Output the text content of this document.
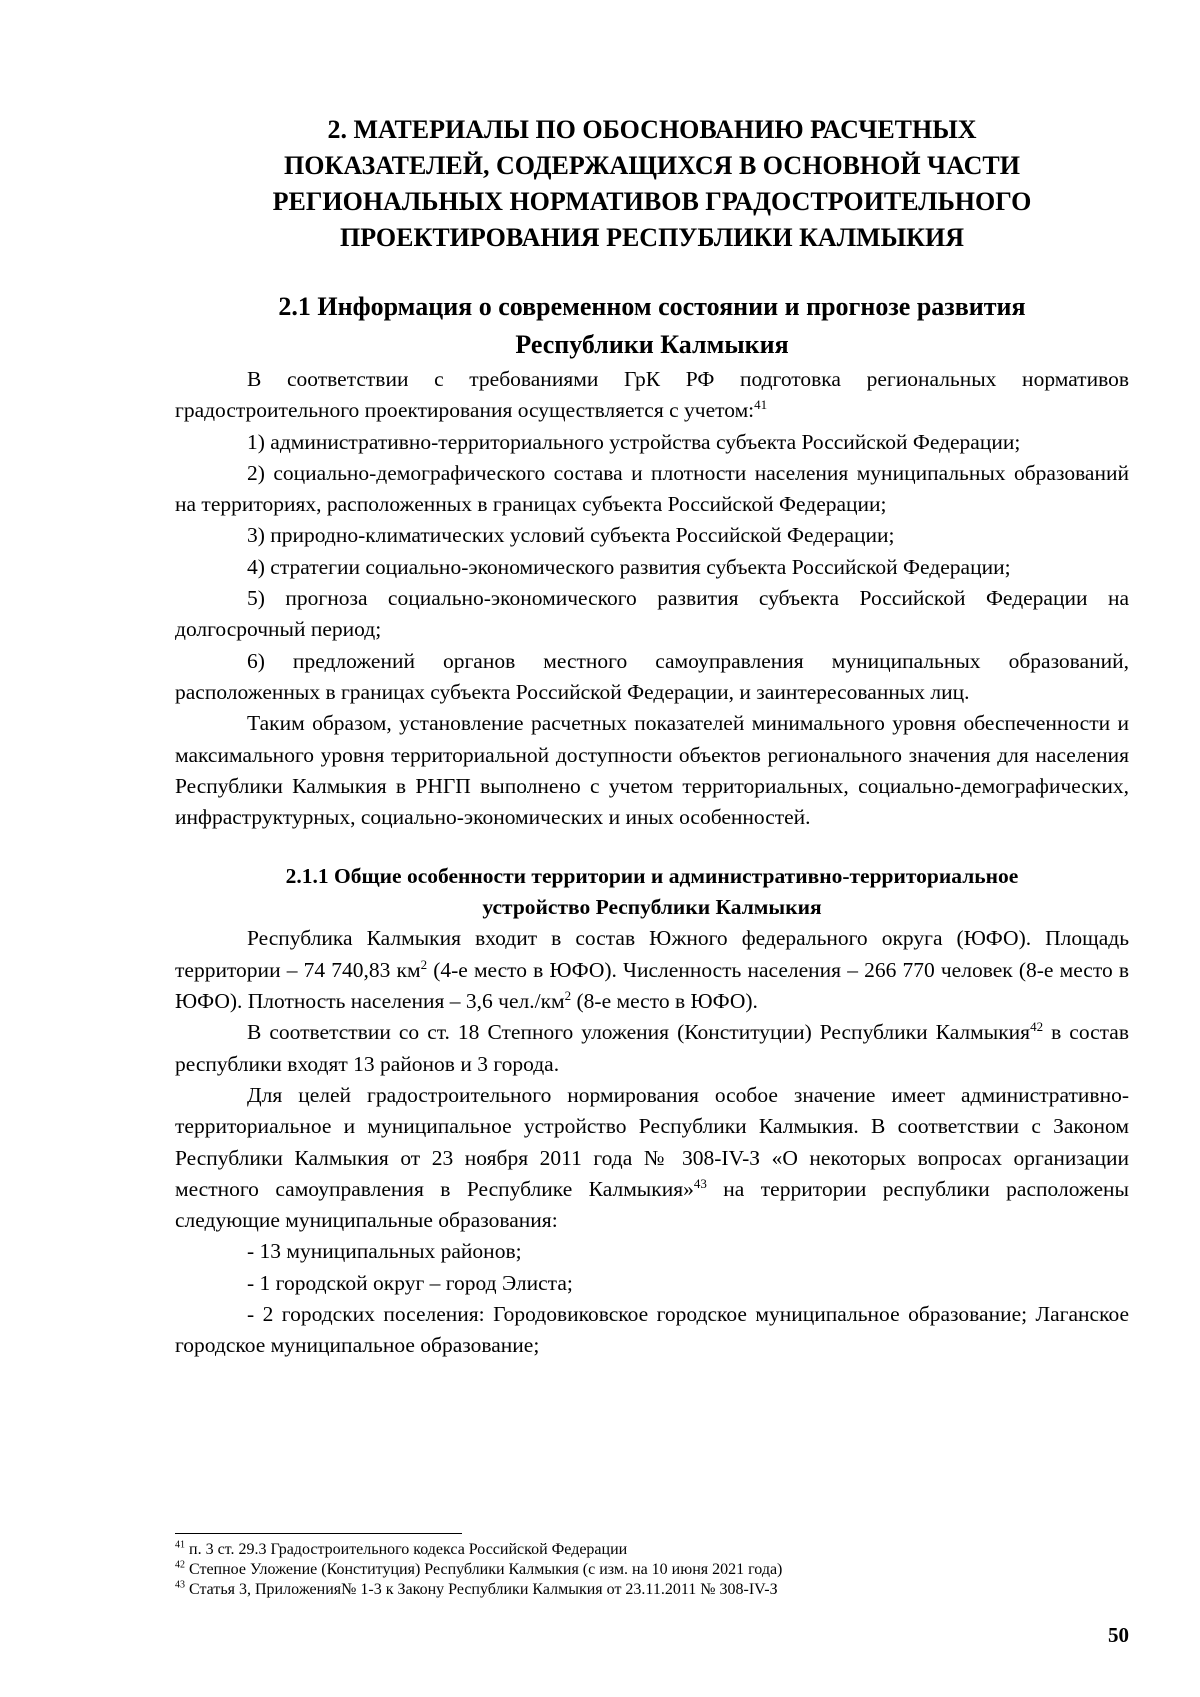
2. МАТЕРИАЛЫ ПО ОБОСНОВАНИЮ РАСЧЕТНЫХ
ПОКАЗАТЕЛЕЙ, СОДЕРЖАЩИХСЯ В ОСНОВНОЙ ЧАСТИ
РЕГИОНАЛЬНЫХ НОРМАТИВОВ ГРАДОСТРОИТЕЛЬНОГО
ПРОЕКТИРОВАНИЯ РЕСПУБЛИКИ КАЛМЫКИЯ
2.1 Информация о современном состоянии и прогнозе развития
Республики Калмыкия

В соответствии с требованиями ГрК РФ подготовка региональных нормативов градостроительного проектирования осуществляется с учетом:$^{41}$

1) административно-территориального устройства субъекта Российской Федерации;

2) социально-демографического состава и плотности населения муниципальных образований на территориях, расположенных в границах субъекта Российской Федерации;

3) природно-климатических условий субъекта Российской Федерации;

4) стратегии социально-экономического развития субъекта Российской Федерации;

5) прогноза социально-экономического развития субъекта Российской Федерации на долгосрочный период;

6) предложений органов местного самоуправления муниципальных образований, расположенных в границах субъекта Российской Федерации, и заинтересованных лиц.

Таким образом, установление расчетных показателей минимального уровня обеспеченности и максимального уровня территориальной доступности объектов регионального значения для населения Республики Калмыкия в РНГП выполнено с учетом территориальных, социально-демографических, инфраструктурных, социально-экономических и иных особенностей.

2.1.1 Общие особенности территории и административно-территориальное
устройство Республики Калмыкия

Республика Калмыкия входит в состав Южного федерального округа (ЮФО). Площадь территории – 74 740,83 $км^2$ (4-е место в ЮФО). Численность населения – 266 770 человек (8-е место в ЮФО). Плотность населения – 3,6 $чел./км^2$ (8-е место в ЮФО).

В соответствии со ст. 18 Степного уложения (Конституции) Республики Калмыкия$^{42}$ в состав республики входят 13 районов и 3 города.

Для целей градостроительного нормирования особое значение имеет административно-территориальное и муниципальное устройство Республики Калмыкия. В соответствии с Законом Республики Калмыкия от 23 ноября 2011 года № 308-IV-З «О некоторых вопросах организации местного самоуправления в Республике Калмыкия»$^{43}$ на территории республики расположены следующие муниципальные образования:

- 13 муниципальных районов;

- 1 городской округ – город Элиста;

- 2 городских поселения: Городовиковское городское муниципальное образование; Лаганское городское муниципальное образование;

$^{41}$ п. 3 ст. 29.3 Градостроительного кодекса Российской Федерации
$^{42}$ Степное Уложение (Конституция) Республики Калмыкия (с изм. на 10 июня 2021 года)
$^{43}$ Статья 3, Приложения№ 1-3 к Закону Республики Калмыкия от 23.11.2011 № 308-IV-З
50
